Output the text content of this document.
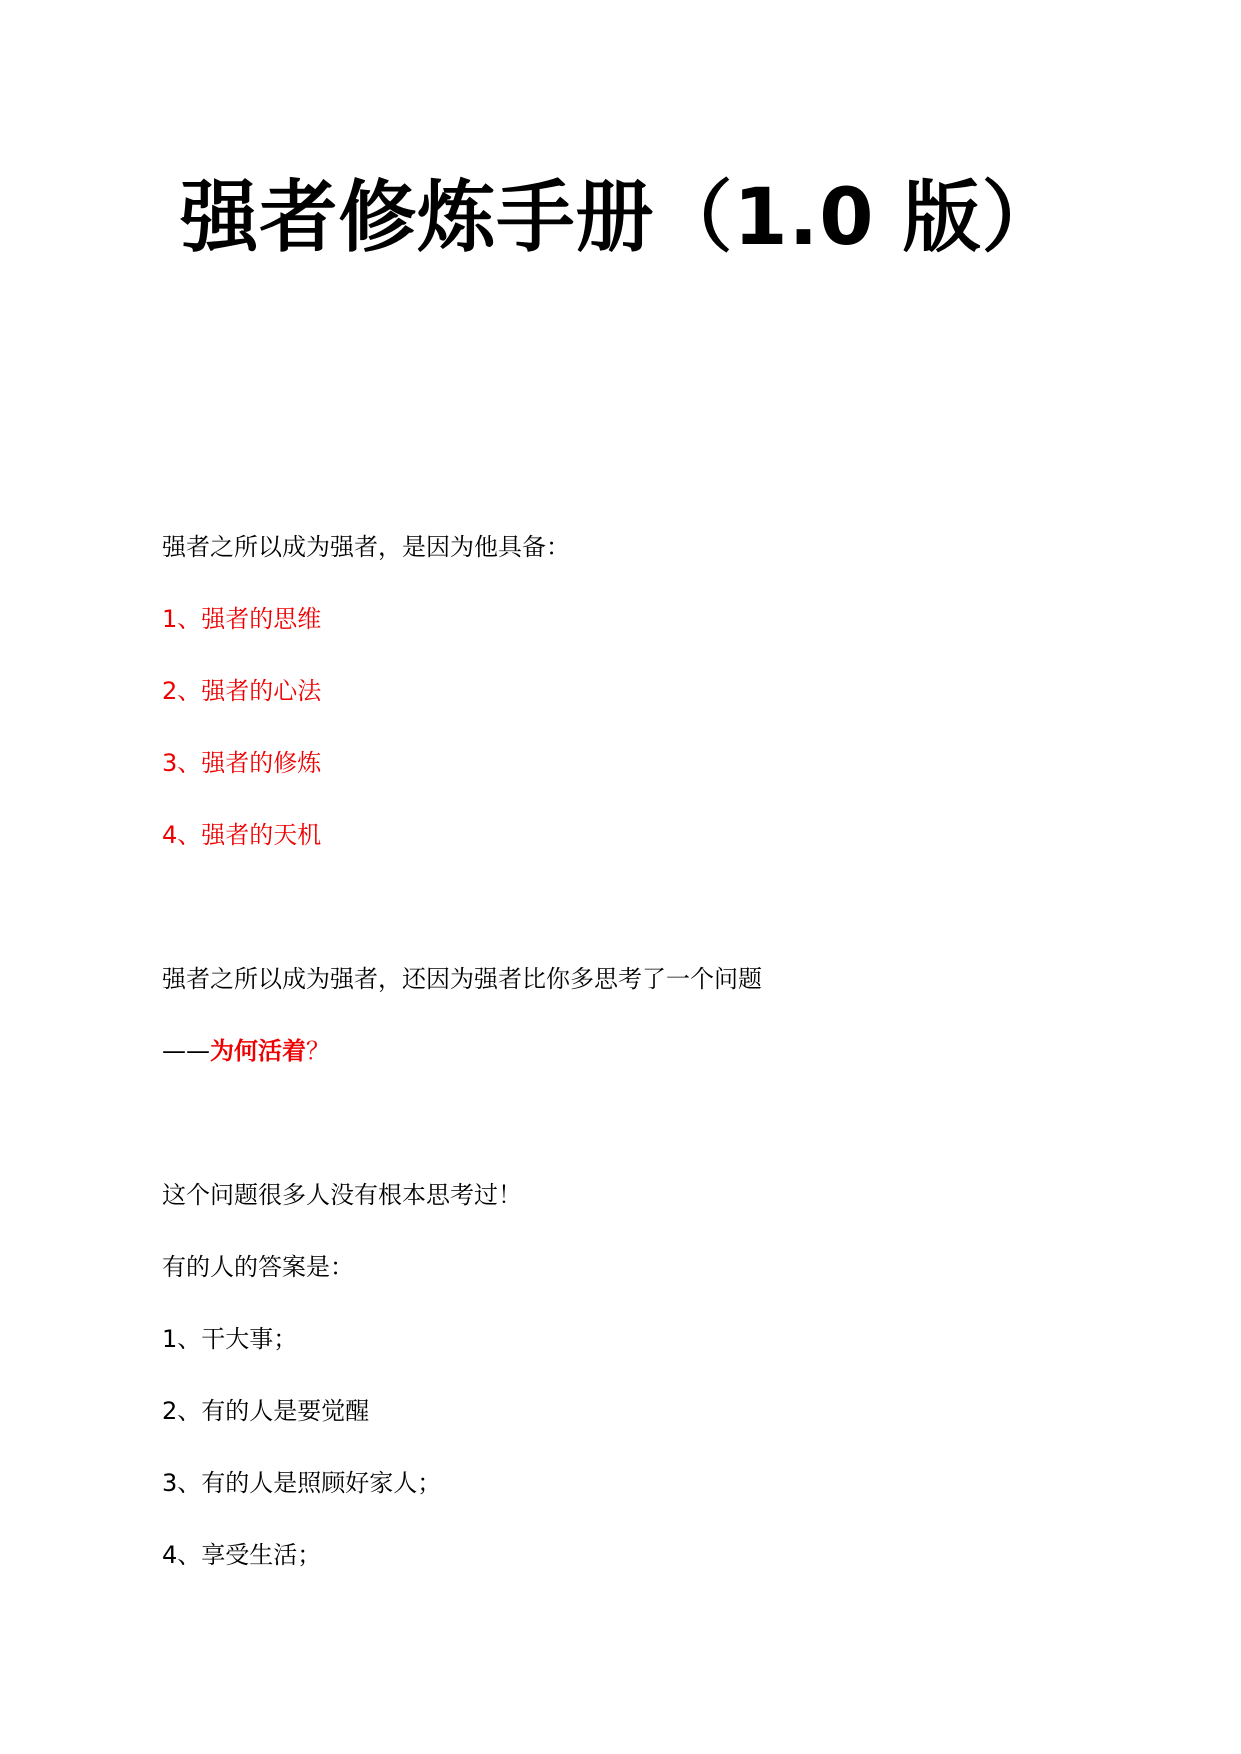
强者修炼手册（1.0 版）
强者之所以成为强者，是因为他具备：
1、强者的思维
2、强者的心法
3、强者的修炼
4、强者的天机
强者之所以成为强者，还因为强者比你多思考了一个问题
——为何活着？
这个问题很多人没有根本思考过！
有的人的答案是：
1、干大事；
2、有的人是要觉醒
3、有的人是照顾好家人；
4、享受生活；
